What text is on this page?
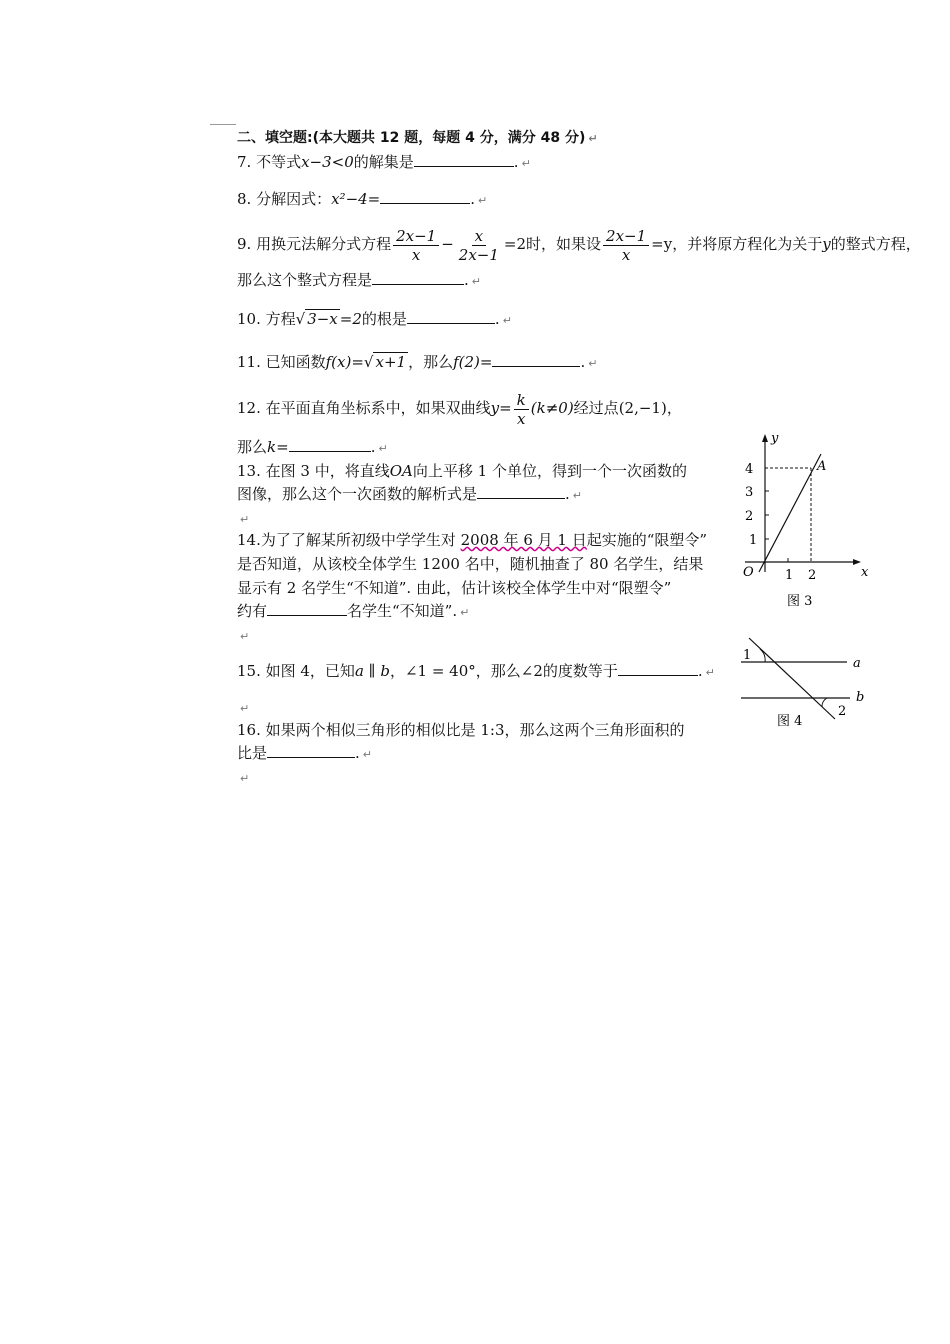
二、填空题:(本大题共 12 题，每题 4 分，满分 48 分) ↵
7. 不等式x−3<0的解集是	. ↵
8. 分解因式：x²−4=	. ↵
9. 用换元法解分式方程 $\frac{2x-1}{x} - \frac{x}{2x-1} =2$时，如果设 $\frac{2x-1}{x} =y$，并将原方程化为关于y的整式方程，
那么这个整式方程是	. ↵
10. 方程√ 3−x =2的根是	. ↵
11. 已知函数f(x)=√ x+1 ，那么f(2)=	. ↵
12. 在平面直角坐标系中，如果双曲线$y= \frac{k}{x} (k\ne 0)$经过点(2,−1)，
那么k=	. ↵
13. 在图 3 中，将直线OA向上平移 1 个单位，得到一个一次函数的
图像，那么这个一次函数的解析式是	. ↵
↵
14.为了了解某所初级中学学生对 2008 年 6 月 1 日起实施的“限塑令”
是否知道，从该校全体学生 1200 名中，随机抽查了 80 名学生，结果
显示有 2 名学生“不知道”. 由此，估计该校全体学生中对“限塑令”
约有	名学生“不知道”. ↵
↵
15. 如图 4，已知a ∥ b，∠1 = 40°，那么∠2的度数等于	. ↵
↵
16. 如果两个相似三角形的相似比是 1:3，那么这两个三角形面积的
比是	. ↵
↵
y
x
O
A
4
3
2
1
1 2
图 3
1
2
a
b
图 4
